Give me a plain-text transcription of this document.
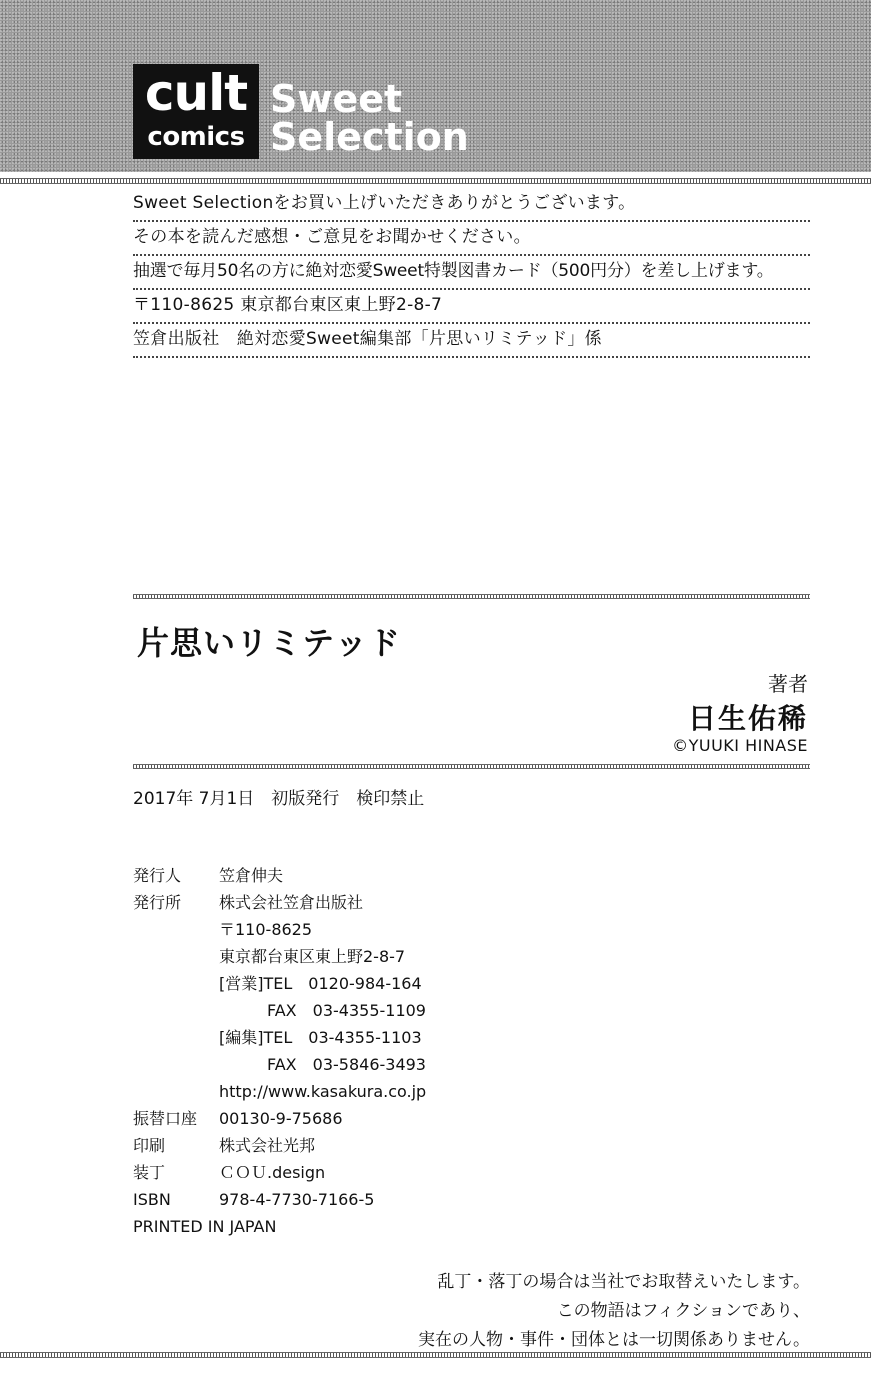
cult
comics
Sweet
Selection
Sweet Selectionをお買い上げいただきありがとうございます。
その本を読んだ感想・ご意見をお聞かせください。
抽選で毎月50名の方に絶対恋愛Sweet特製図書カード（500円分）を差し上げます。
〒110-8625 東京都台東区東上野2-8-7
笠倉出版社　絶対恋愛Sweet編集部「片思いリミテッド」係
片思いリミテッド
著者
日生佑稀
©YUUKI HINASE
2017年 7月1日　初版発行　検印禁止
発行人	笠倉伸夫
発行所	株式会社笠倉出版社
〒110-8625
東京都台東区東上野2-8-7
[営業]TEL　0120-984-164
　　　FAX　03-4355-1109
[編集]TEL　03-4355-1103
　　　FAX　03-5846-3493
http://www.kasakura.co.jp
振替口座	00130-9-75686
印刷	株式会社光邦
装丁	ＣＯＵ.design
ISBN	978-4-7730-7166-5
PRINTED IN JAPAN
乱丁・落丁の場合は当社でお取替えいたします。
この物語はフィクションであり、
実在の人物・事件・団体とは一切関係ありません。
